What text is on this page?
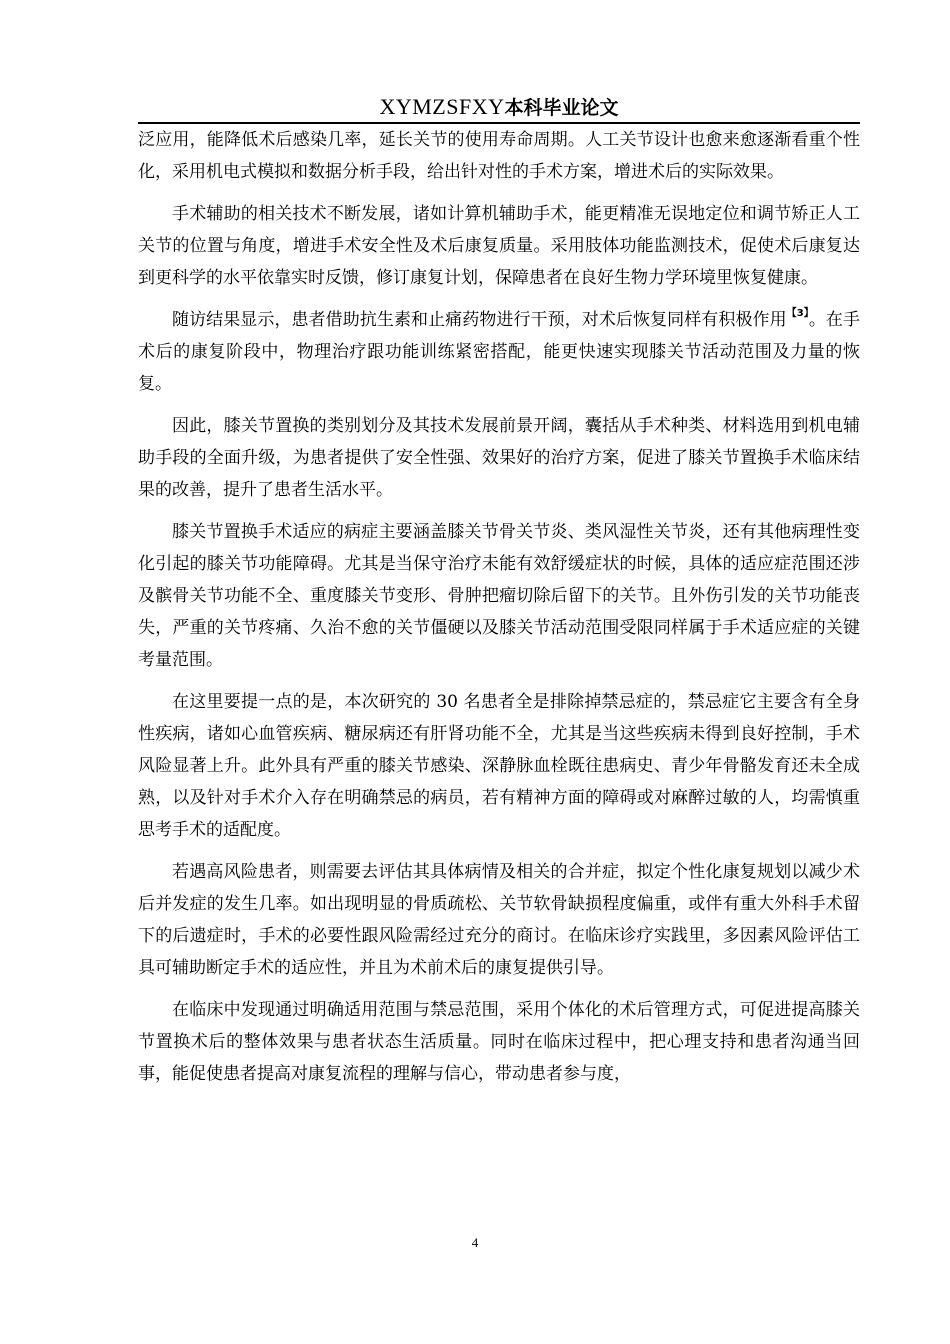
XYMZSFXY本科毕业论文

泛应用，能降低术后感染几率，延长关节的使用寿命周期。人工关节设计也愈来愈逐渐看重个性化，采用机电式模拟和数据分析手段，给出针对性的手术方案，增进术后的实际效果。

手术辅助的相关技术不断发展，诸如计算机辅助手术，能更精准无误地定位和调节矫正人工关节的位置与角度，增进手术安全性及术后康复质量。采用肢体功能监测技术，促使术后康复达到更科学的水平依靠实时反馈，修订康复计划，保障患者在良好生物力学环境里恢复健康。

随访结果显示，患者借助抗生素和止痛药物进行干预，对术后恢复同样有积极作用$^{【3】}$。在手术后的康复阶段中，物理治疗跟功能训练紧密搭配，能更快速实现膝关节活动范围及力量的恢复。

因此，膝关节置换的类别划分及其技术发展前景开阔，囊括从手术种类、材料选用到机电辅助手段的全面升级，为患者提供了安全性强、效果好的治疗方案，促进了膝关节置换手术临床结果的改善，提升了患者生活水平。

膝关节置换手术适应的病症主要涵盖膝关节骨关节炎、类风湿性关节炎，还有其他病理性变化引起的膝关节功能障碍。尤其是当保守治疗未能有效舒缓症状的时候，具体的适应症范围还涉及髌骨关节功能不全、重度膝关节变形、骨肿把瘤切除后留下的关节。且外伤引发的关节功能丧失，严重的关节疼痛、久治不愈的关节僵硬以及膝关节活动范围受限同样属于手术适应症的关键考量范围。

在这里要提一点的是，本次研究的 30 名患者全是排除掉禁忌症的，禁忌症它主要含有全身性疾病，诸如心血管疾病、糖尿病还有肝肾功能不全，尤其是当这些疾病未得到良好控制，手术风险显著上升。此外具有严重的膝关节感染、深静脉血栓既往患病史、青少年骨骼发育还未全成熟，以及针对手术介入存在明确禁忌的病员，若有精神方面的障碍或对麻醉过敏的人，均需慎重思考手术的适配度。

若遇高风险患者，则需要去评估其具体病情及相关的合并症，拟定个性化康复规划以减少术后并发症的发生几率。如出现明显的骨质疏松、关节软骨缺损程度偏重，或伴有重大外科手术留下的后遗症时，手术的必要性跟风险需经过充分的商讨。在临床诊疗实践里，多因素风险评估工具可辅助断定手术的适应性，并且为术前术后的康复提供引导。

在临床中发现通过明确适用范围与禁忌范围，采用个体化的术后管理方式，可促进提高膝关节置换术后的整体效果与患者状态生活质量。同时在临床过程中，把心理支持和患者沟通当回事，能促使患者提高对康复流程的理解与信心，带动患者参与度，

4
